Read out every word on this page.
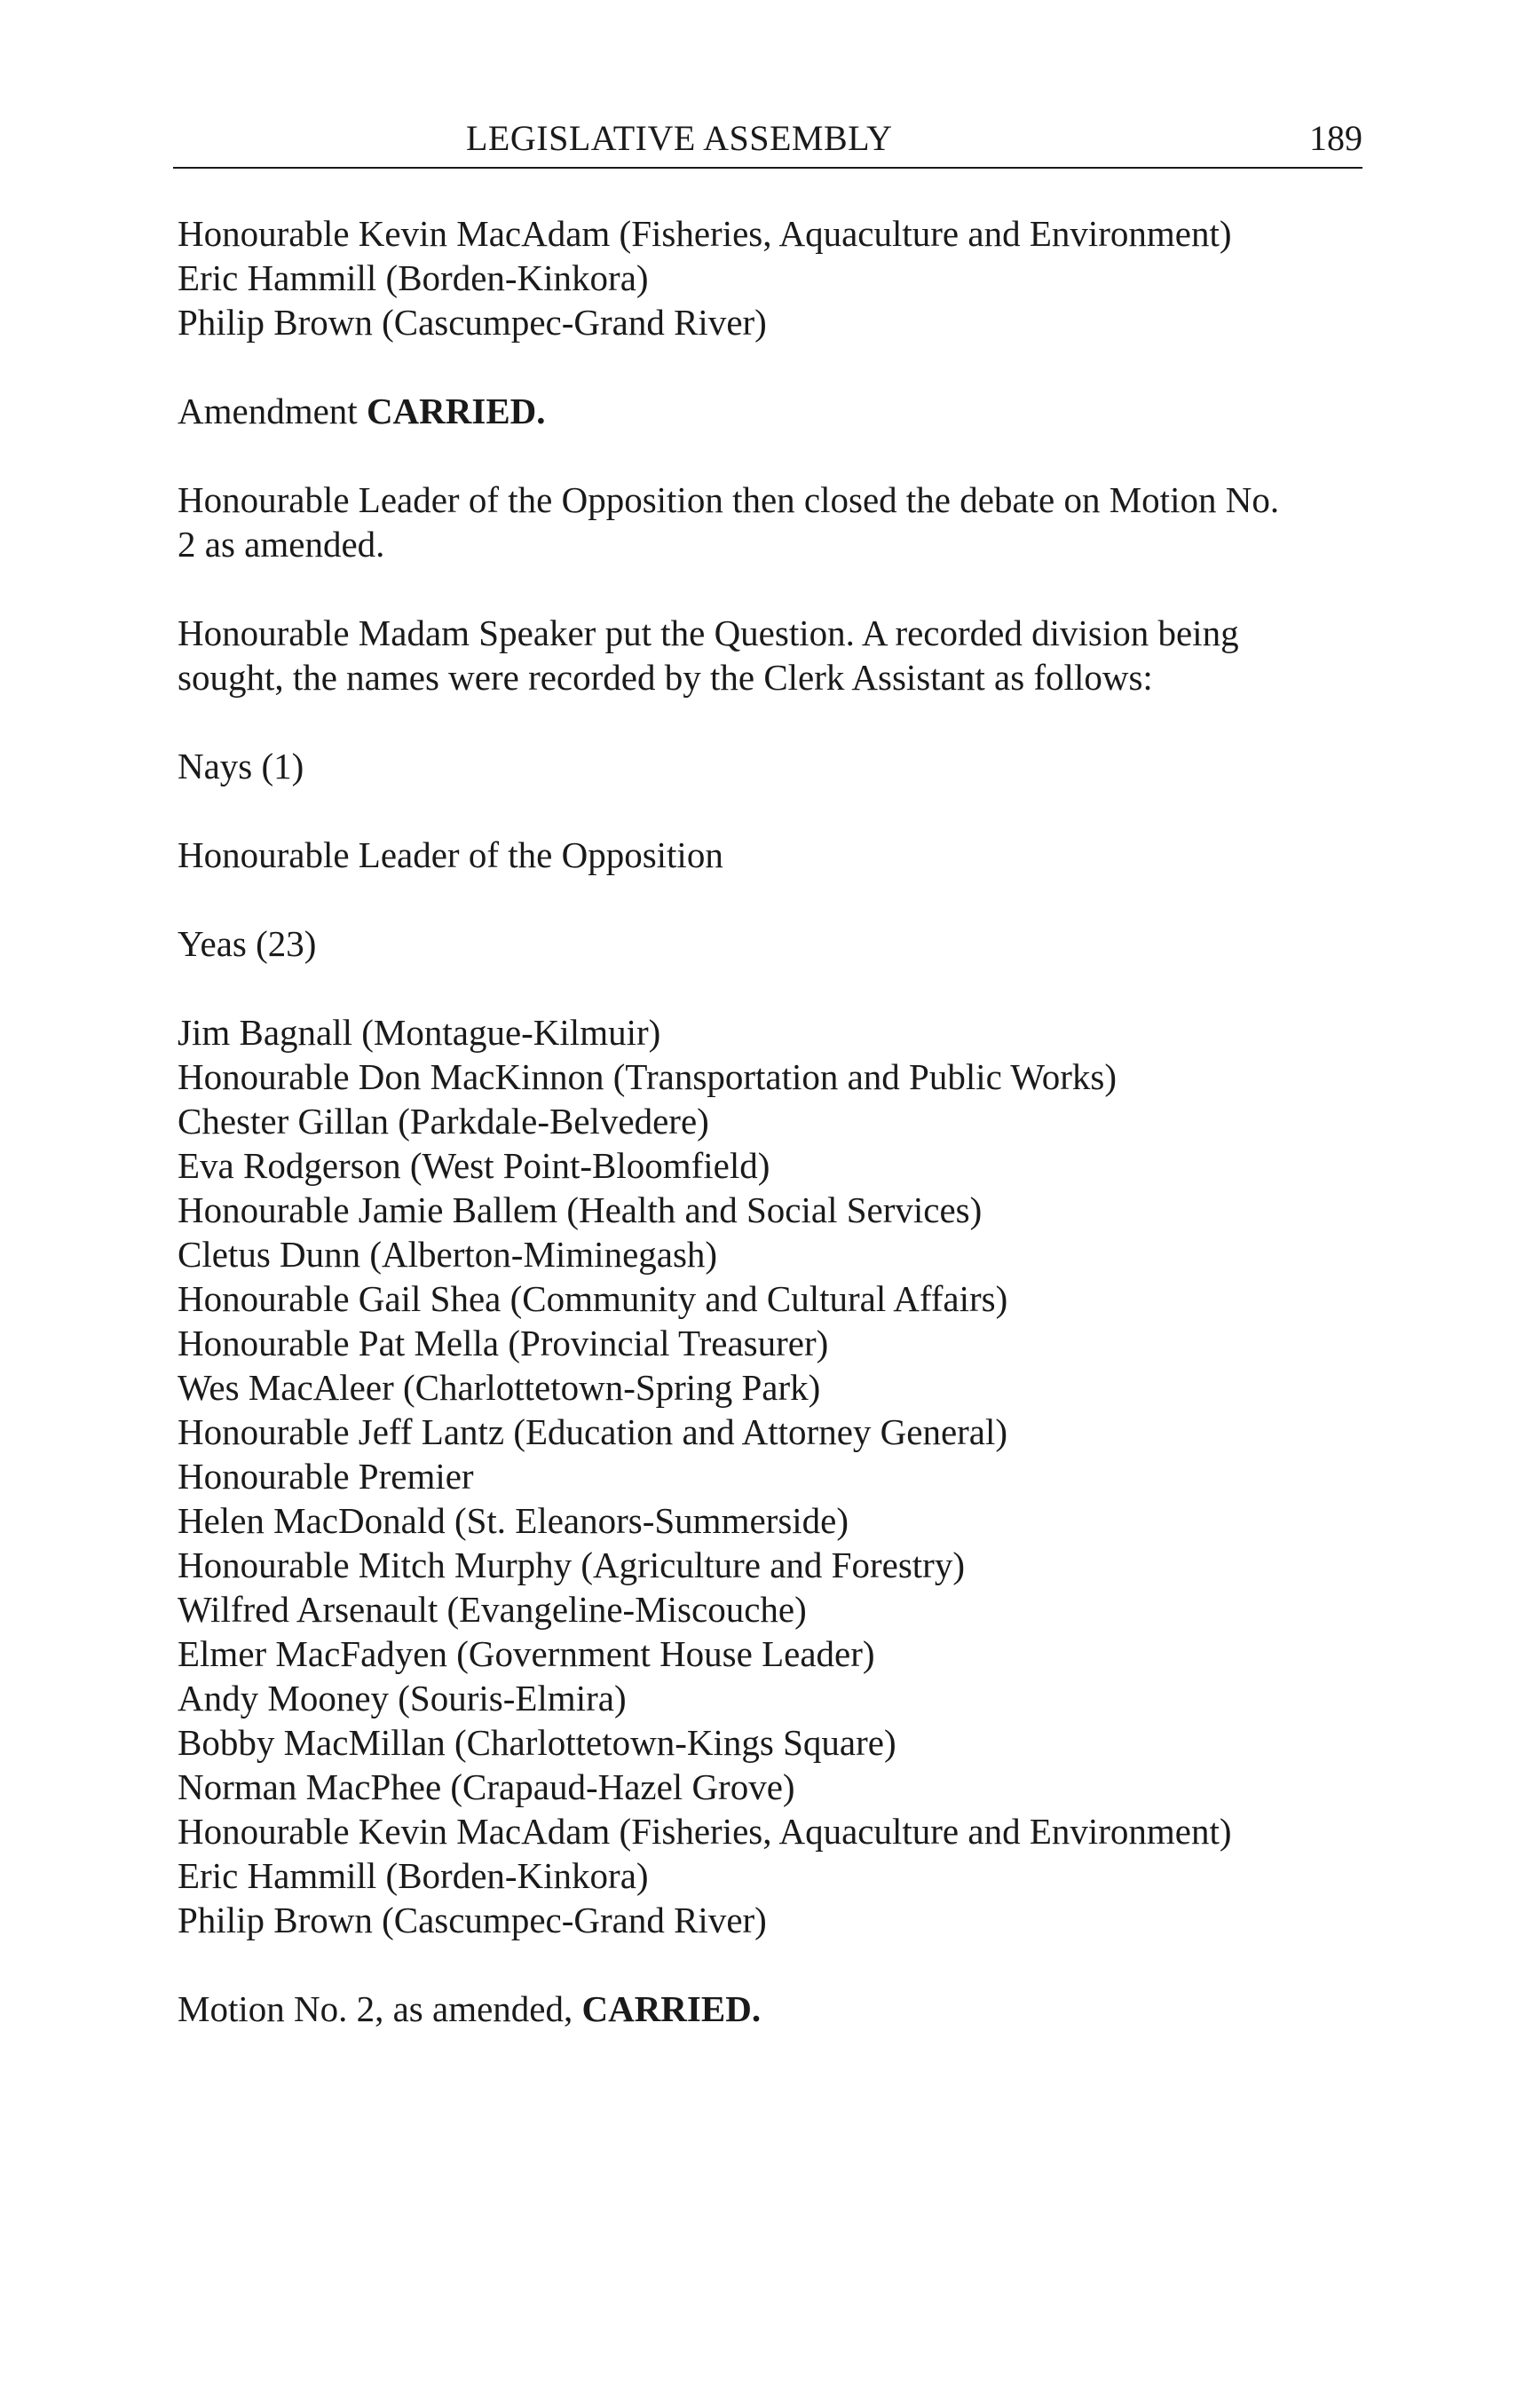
LEGISLATIVE ASSEMBLY	189
Honourable Kevin MacAdam (Fisheries, Aquaculture and Environment)
Eric Hammill (Borden-Kinkora)
Philip Brown (Cascumpec-Grand River)
Amendment CARRIED.
Honourable Leader of the Opposition then closed the debate on Motion No.
2 as amended.
Honourable Madam Speaker put the Question. A recorded division being
sought, the names were recorded by the Clerk Assistant as follows:
Nays (1)
Honourable Leader of the Opposition
Yeas (23)
Jim Bagnall (Montague-Kilmuir)
Honourable Don MacKinnon (Transportation and Public Works)
Chester Gillan (Parkdale-Belvedere)
Eva Rodgerson (West Point-Bloomfield)
Honourable Jamie Ballem (Health and Social Services)
Cletus Dunn (Alberton-Miminegash)
Honourable Gail Shea (Community and Cultural Affairs)
Honourable Pat Mella (Provincial Treasurer)
Wes MacAleer (Charlottetown-Spring Park)
Honourable Jeff Lantz (Education and Attorney General)
Honourable Premier
Helen MacDonald (St. Eleanors-Summerside)
Honourable Mitch Murphy (Agriculture and Forestry)
Wilfred Arsenault (Evangeline-Miscouche)
Elmer MacFadyen (Government House Leader)
Andy Mooney (Souris-Elmira)
Bobby MacMillan (Charlottetown-Kings Square)
Norman MacPhee (Crapaud-Hazel Grove)
Honourable Kevin MacAdam (Fisheries, Aquaculture and Environment)
Eric Hammill (Borden-Kinkora)
Philip Brown (Cascumpec-Grand River)
Motion No. 2, as amended, CARRIED.
